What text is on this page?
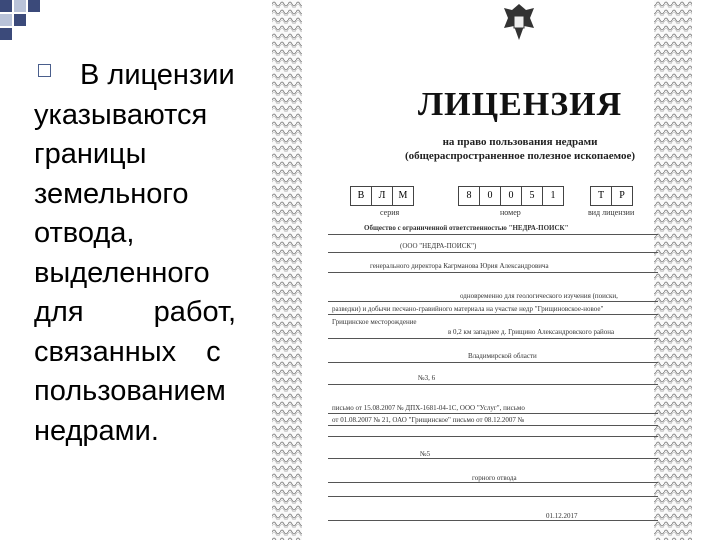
В лицензии
указываются
границы
земельного
отвода,
выделенного
для работ,
связанных с
пользованием
недрами.
ЛИЦЕНЗИЯ
на право пользования недрами
(общераспространенное полезное ископаемое)
В	Л	М	8	0	0	5	1	Т	Р
серия	номер	вид лицензии
Общество с ограниченной ответственностью "НЕДРА-ПОИСК"
(ООО "НЕДРА-ПОИСК")
генерального директора Кагрманова Юрия Александровича
одновременно для геологического изучения (поиски,
разведки) и добычи песчано-гравийного материала на участке недр "Грищиновское-новое"
Грищинское месторождение
в 0,2 км западнее д. Грищино Александровского района
Владимирской области
№3, 6
письмо от 15.08.2007 № ДПХ-1681-04-1С, ООО "Услуг", письмо
от 01.08.2007 № 21, ОАО "Грищинское" письмо от 08.12.2007 №
№5
горного отвода
01.12.2017
